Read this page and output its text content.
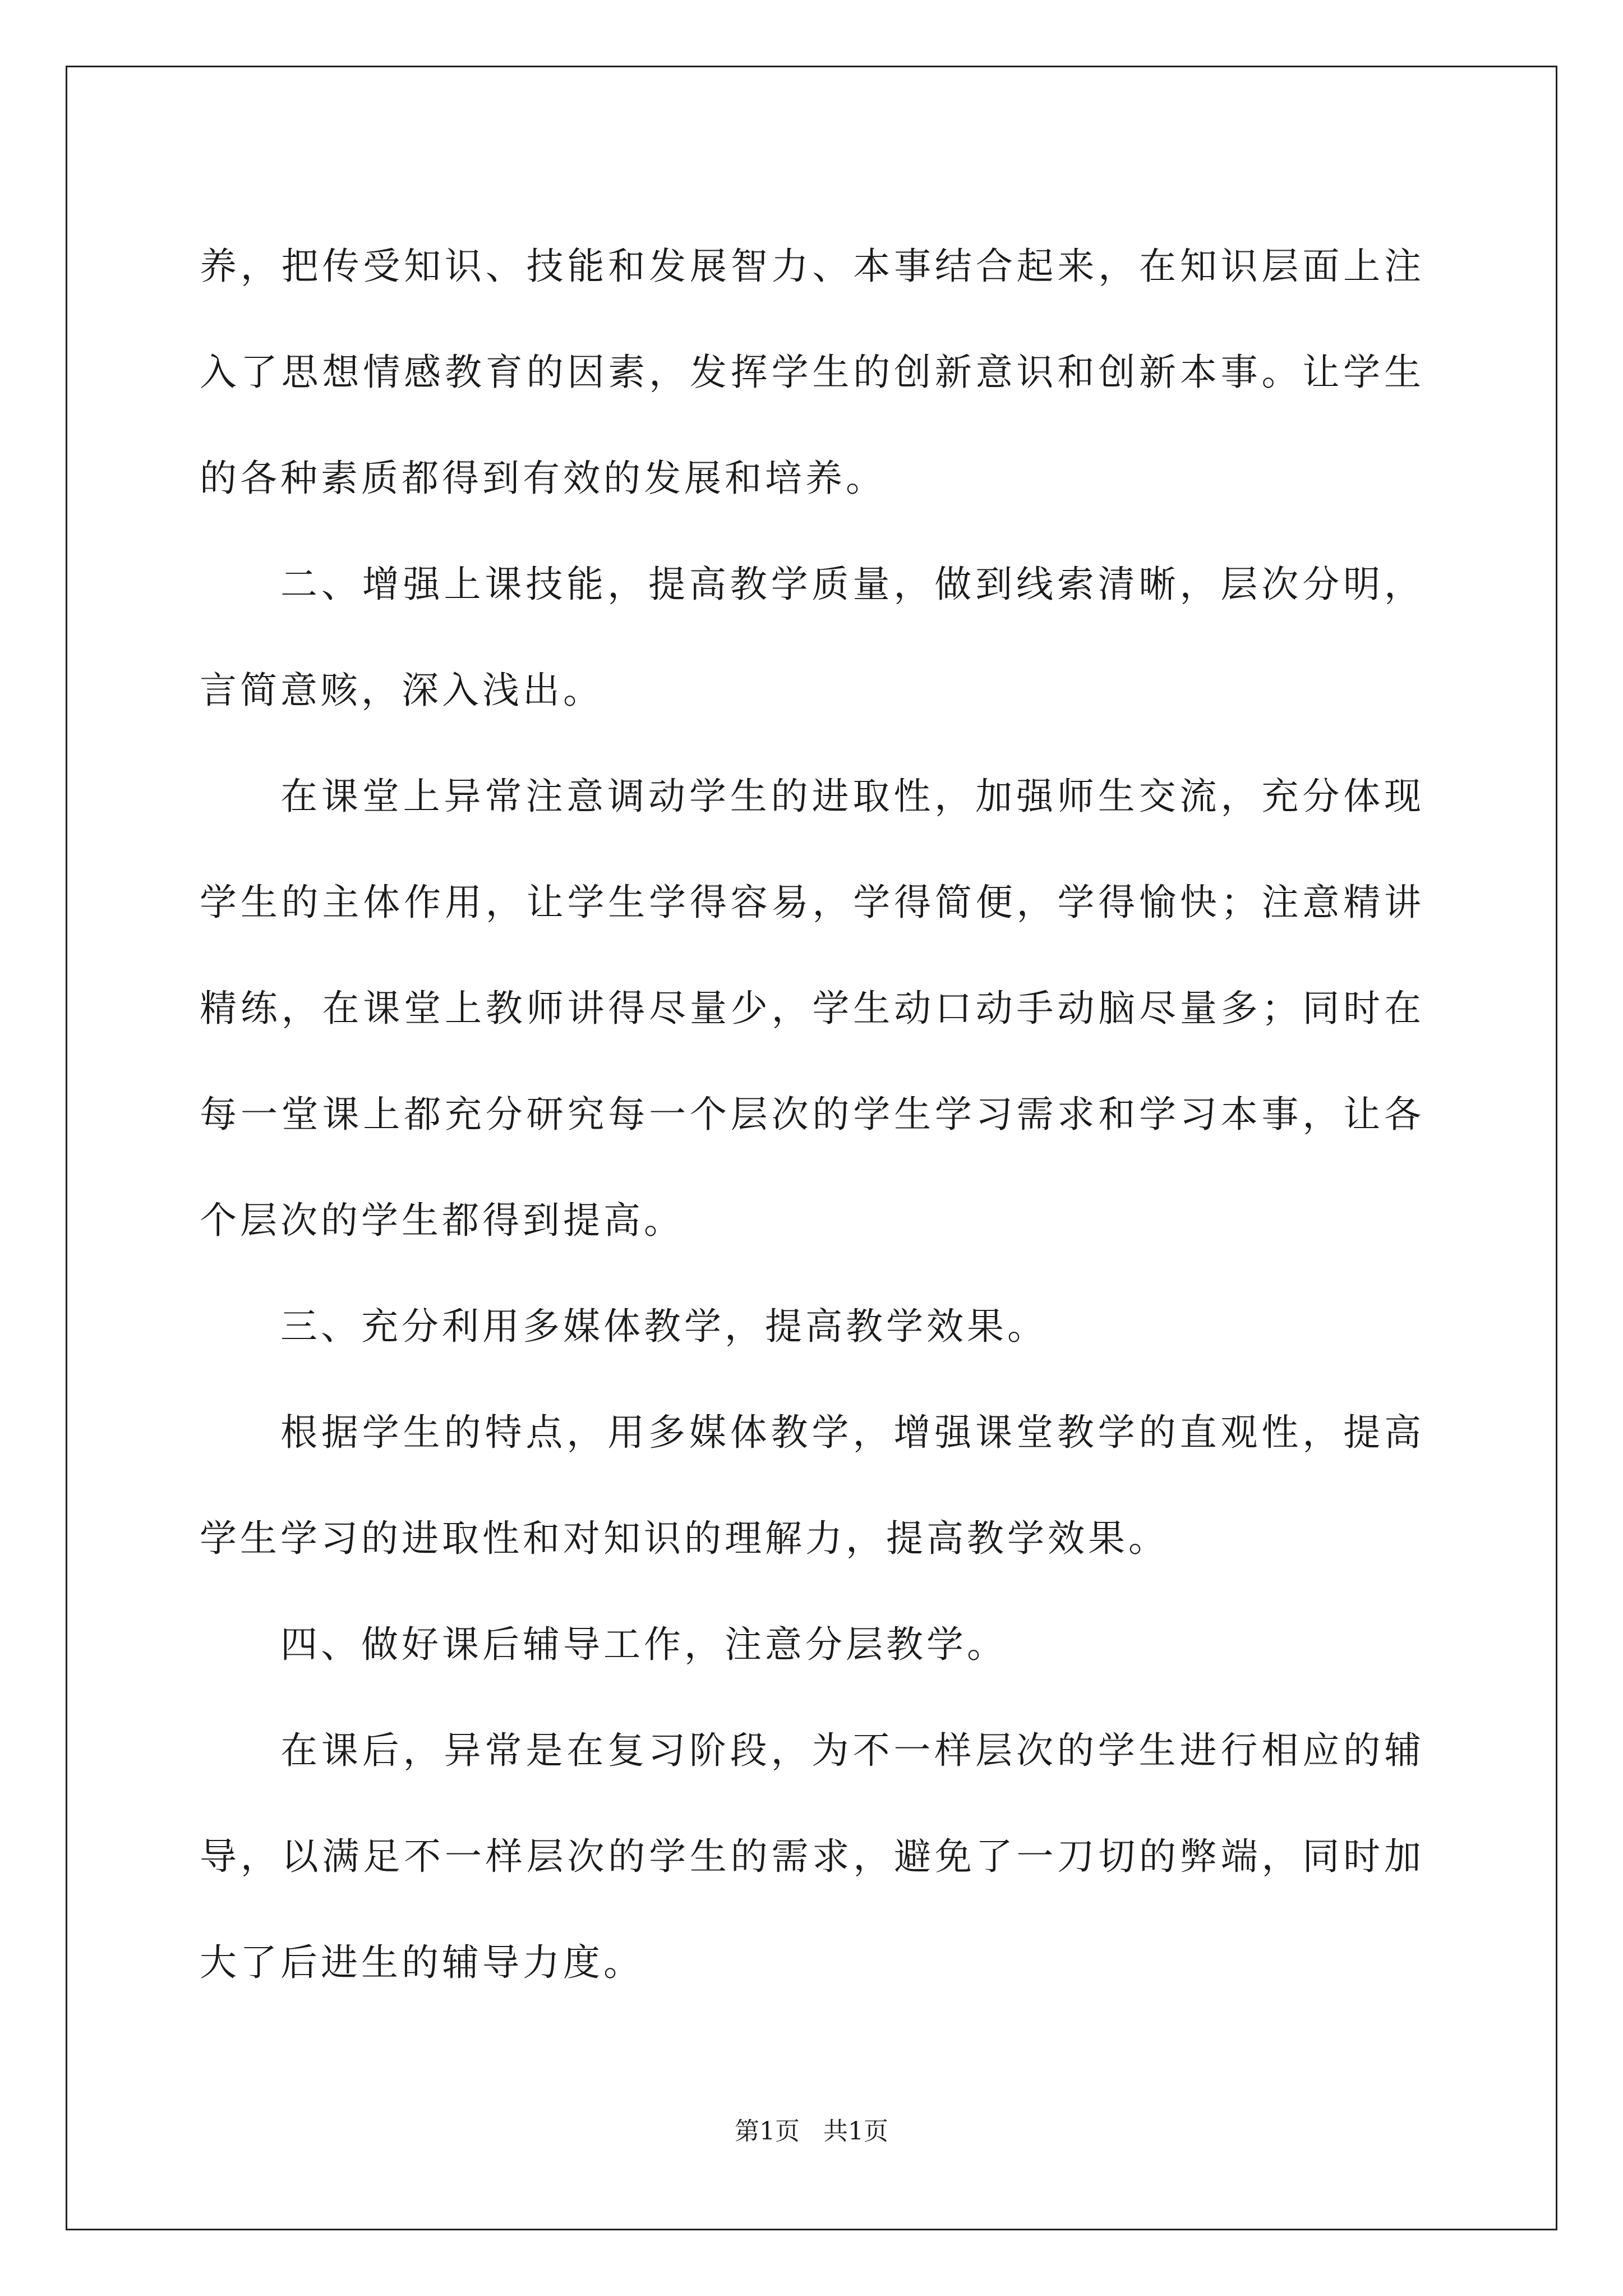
养，把传受知识、技能和发展智力、本事结合起来，在知识层面上注入了思想情感教育的因素，发挥学生的创新意识和创新本事。让学生的各种素质都得到有效的发展和培养。

二、增强上课技能，提高教学质量，做到线索清晰，层次分明，言简意赅，深入浅出。

在课堂上异常注意调动学生的进取性，加强师生交流，充分体现学生的主体作用，让学生学得容易，学得简便，学得愉快；注意精讲精练，在课堂上教师讲得尽量少，学生动口动手动脑尽量多；同时在每一堂课上都充分研究每一个层次的学生学习需求和学习本事，让各个层次的学生都得到提高。

三、充分利用多媒体教学，提高教学效果。

根据学生的特点，用多媒体教学，增强课堂教学的直观性，提高学生学习的进取性和对知识的理解力，提高教学效果。

四、做好课后辅导工作，注意分层教学。

在课后，异常是在复习阶段，为不一样层次的学生进行相应的辅导，以满足不一样层次的学生的需求，避免了一刀切的弊端，同时加大了后进生的辅导力度。

第1页   共1页
